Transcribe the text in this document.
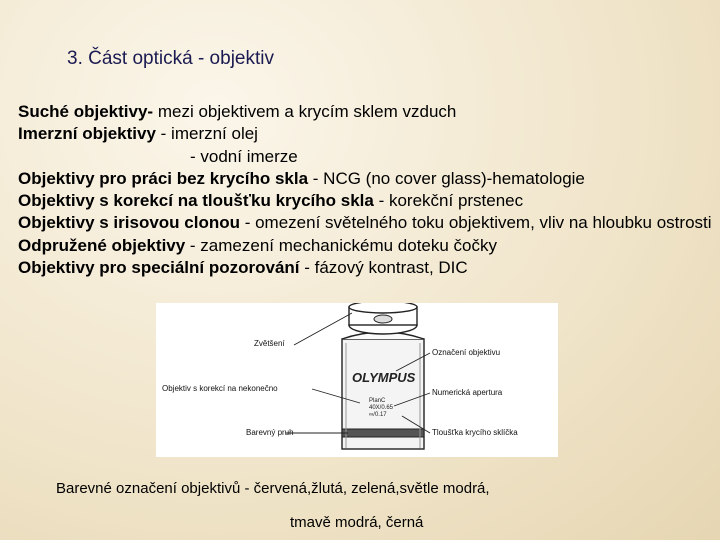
3. Část optická - objektiv
Suché objektivy- mezi objektivem a krycím sklem vzduch
Imerzní objektivy - imerzní olej
- vodní imerze
Objektivy pro práci bez krycího skla - NCG (no cover glass)-hematologie
Objektivy s korekcí na tloušťku krycího skla - korekční prstenec
Objektivy s irisovou clonou - omezení světelného toku objektivem, vliv na hloubku ostrosti
Odpružené objektivy - zamezení mechanickému doteku čočky
Objektivy pro speciální pozorování - fázový kontrast, DIC
OLYMPUS
PlanC
40X/0.65
∞/0.17
Zvětšení
Označení objektivu
Objektiv s korekcí na nekonečno	Numerická apertura
Barevný pruh	Tloušťka krycího sklíčka
Barevné označení objektivů - červená,žlutá, zelená,světle modrá,
tmavě modrá, černá
